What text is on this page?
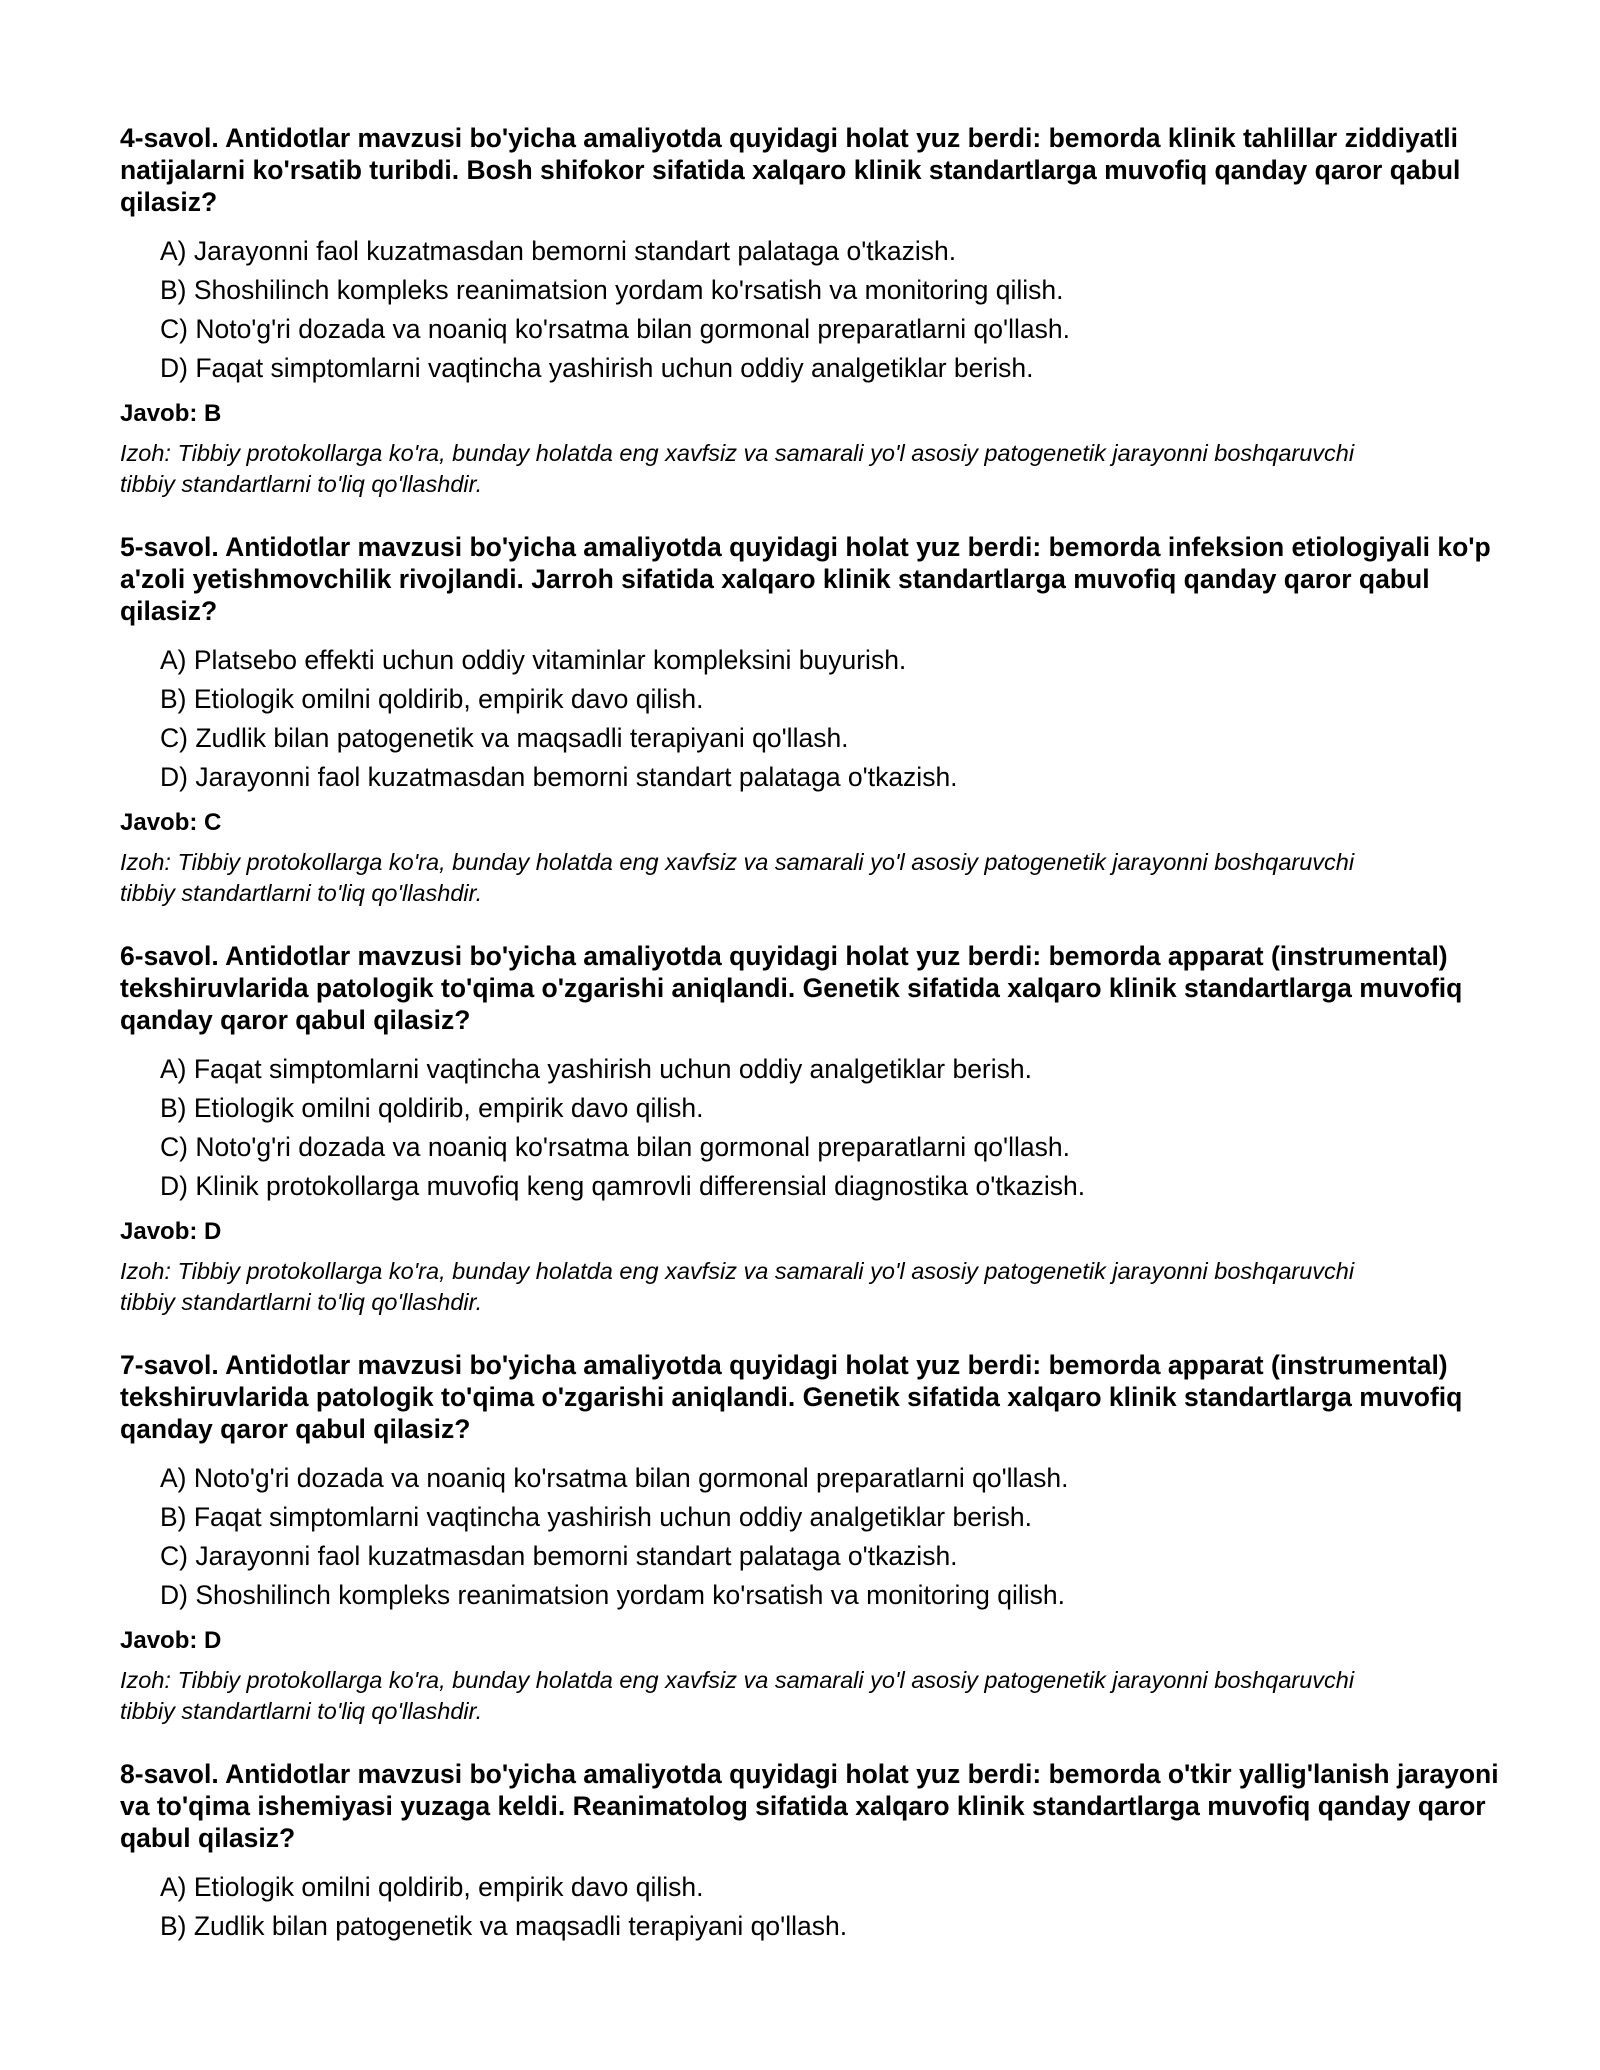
4-savol. Antidotlar mavzusi bo'yicha amaliyotda quyidagi holat yuz berdi: bemorda klinik tahlillar ziddiyatli natijalarni ko'rsatib turibdi. Bosh shifokor sifatida xalqaro klinik standartlarga muvofiq qanday qaror qabul qilasiz?

A) Jarayonni faol kuzatmasdan bemorni standart palataga o'tkazish.
B) Shoshilinch kompleks reanimatsion yordam ko'rsatish va monitoring qilish.
C) Noto'g'ri dozada va noaniq ko'rsatma bilan gormonal preparatlarni qo'llash.
D) Faqat simptomlarni vaqtincha yashirish uchun oddiy analgetiklar berish.

Javob: B

Izoh: Tibbiy protokollarga ko'ra, bunday holatda eng xavfsiz va samarali yo'l asosiy patogenetik jarayonni boshqaruvchi tibbiy standartlarni to'liq qo'llashdir.

5-savol. Antidotlar mavzusi bo'yicha amaliyotda quyidagi holat yuz berdi: bemorda infeksion etiologiyali ko'p a'zoli yetishmovchilik rivojlandi. Jarroh sifatida xalqaro klinik standartlarga muvofiq qanday qaror qabul qilasiz?

A) Platsebo effekti uchun oddiy vitaminlar kompleksini buyurish.
B) Etiologik omilni qoldirib, empirik davo qilish.
C) Zudlik bilan patogenetik va maqsadli terapiyani qo'llash.
D) Jarayonni faol kuzatmasdan bemorni standart palataga o'tkazish.

Javob: C

Izoh: Tibbiy protokollarga ko'ra, bunday holatda eng xavfsiz va samarali yo'l asosiy patogenetik jarayonni boshqaruvchi tibbiy standartlarni to'liq qo'llashdir.

6-savol. Antidotlar mavzusi bo'yicha amaliyotda quyidagi holat yuz berdi: bemorda apparat (instrumental) tekshiruvlarida patologik to'qima o'zgarishi aniqlandi. Genetik sifatida xalqaro klinik standartlarga muvofiq qanday qaror qabul qilasiz?

A) Faqat simptomlarni vaqtincha yashirish uchun oddiy analgetiklar berish.
B) Etiologik omilni qoldirib, empirik davo qilish.
C) Noto'g'ri dozada va noaniq ko'rsatma bilan gormonal preparatlarni qo'llash.
D) Klinik protokollarga muvofiq keng qamrovli differensial diagnostika o'tkazish.

Javob: D

Izoh: Tibbiy protokollarga ko'ra, bunday holatda eng xavfsiz va samarali yo'l asosiy patogenetik jarayonni boshqaruvchi tibbiy standartlarni to'liq qo'llashdir.

7-savol. Antidotlar mavzusi bo'yicha amaliyotda quyidagi holat yuz berdi: bemorda apparat (instrumental) tekshiruvlarida patologik to'qima o'zgarishi aniqlandi. Genetik sifatida xalqaro klinik standartlarga muvofiq qanday qaror qabul qilasiz?

A) Noto'g'ri dozada va noaniq ko'rsatma bilan gormonal preparatlarni qo'llash.
B) Faqat simptomlarni vaqtincha yashirish uchun oddiy analgetiklar berish.
C) Jarayonni faol kuzatmasdan bemorni standart palataga o'tkazish.
D) Shoshilinch kompleks reanimatsion yordam ko'rsatish va monitoring qilish.

Javob: D

Izoh: Tibbiy protokollarga ko'ra, bunday holatda eng xavfsiz va samarali yo'l asosiy patogenetik jarayonni boshqaruvchi tibbiy standartlarni to'liq qo'llashdir.

8-savol. Antidotlar mavzusi bo'yicha amaliyotda quyidagi holat yuz berdi: bemorda o'tkir yallig'lanish jarayoni va to'qima ishemiyasi yuzaga keldi. Reanimatolog sifatida xalqaro klinik standartlarga muvofiq qanday qaror qabul qilasiz?

A) Etiologik omilni qoldirib, empirik davo qilish.
B) Zudlik bilan patogenetik va maqsadli terapiyani qo'llash.
